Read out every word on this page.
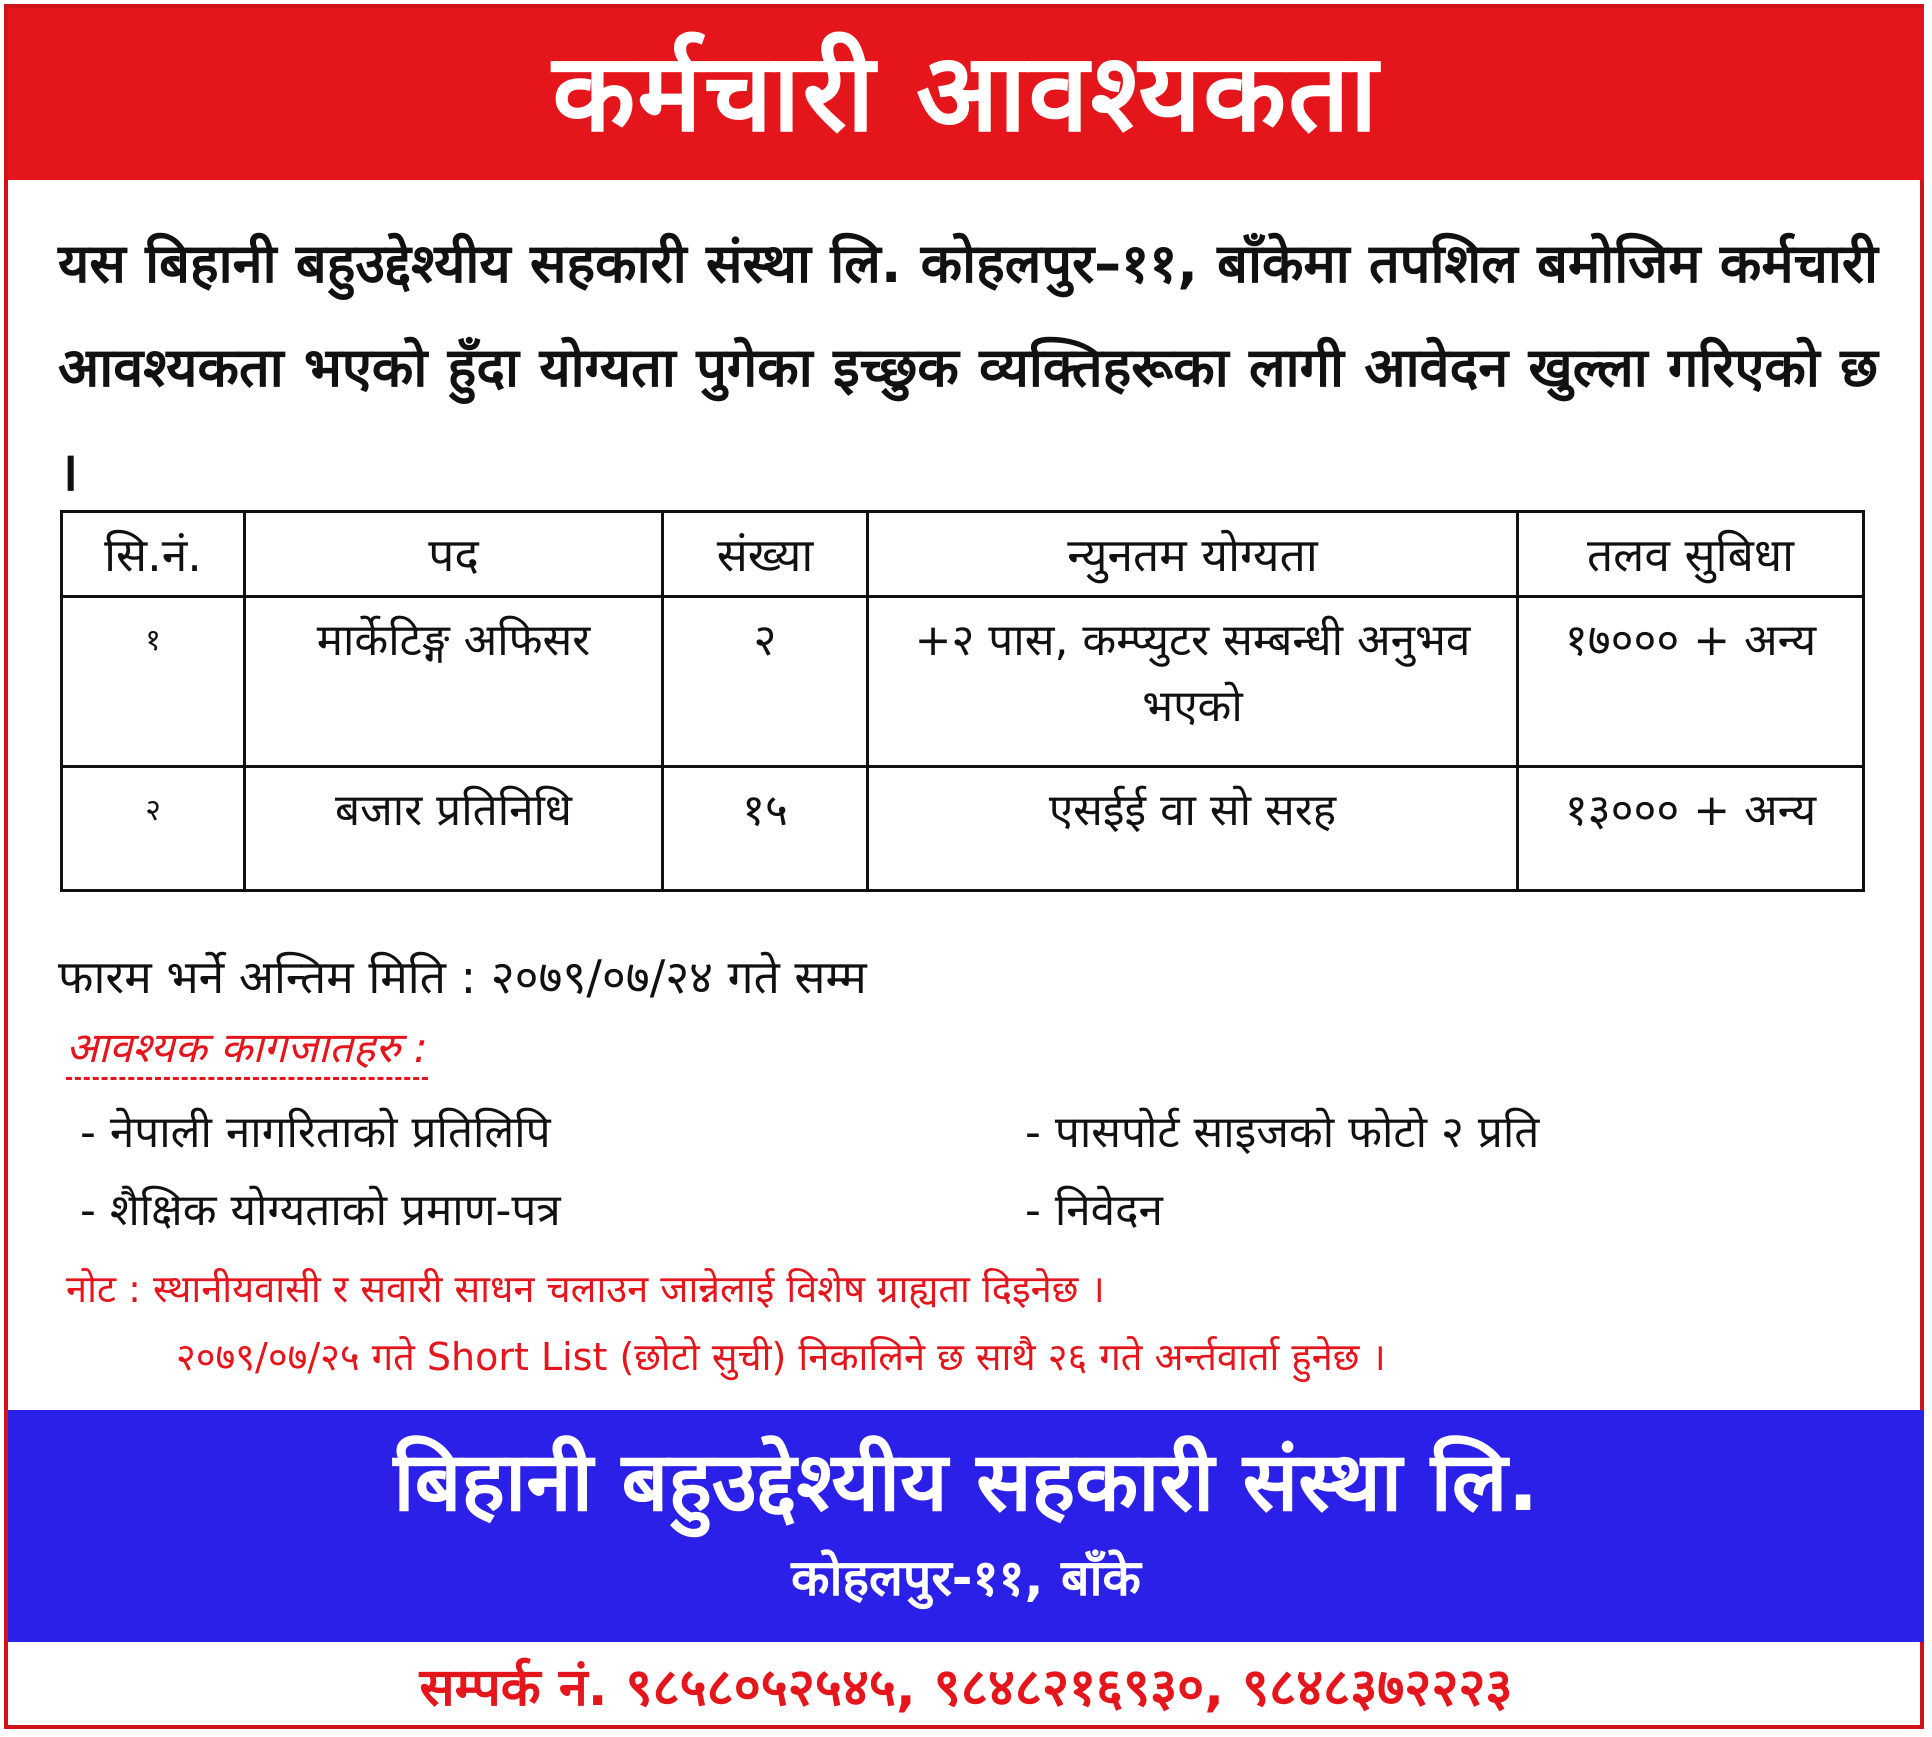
कर्मचारी आवश्यकता
यस बिहानी बहुउद्देश्यीय सहकारी संस्था लि. कोहलपुर–११, बाँकेमा तपशिल बमोजिम कर्मचारी आवश्यकता भएको हुँदा योग्यता पुगेका इच्छुक व्यक्तिहरूका लागी आवेदन खुल्ला गरिएको छ ।
सि.नं.	पद	संख्या	न्युनतम योग्यता	तलव सुबिधा
१	मार्केटिङ्ग अफिसर	२	+२ पास, कम्प्युटर सम्बन्धी अनुभव भएको	१७००० + अन्य
२	बजार प्रतिनिधि	१५	एसईई वा सो सरह	१३००० + अन्य
फारम भर्ने अन्तिम मिति : २०७९/०७/२४ गते सम्म
आवश्यक कागजातहरु :
- नेपाली नागरिताको प्रतिलिपि	- पासपोर्ट साइजको फोटो २ प्रति
- शैक्षिक योग्यताको प्रमाण-पत्र	- निवेदन
नोट : स्थानीयवासी र सवारी साधन चलाउन जान्नेलाई विशेष ग्राह्यता दिइनेछ ।
२०७९/०७/२५ गते Short List (छोटो सुची) निकालिने छ साथै २६ गते अर्न्तवार्ता हुनेछ ।
बिहानी बहुउद्देश्यीय सहकारी संस्था लि.
कोहलपुर-११, बाँके
सम्पर्क नं. ९८५८०५२५४५, ९८४८२१६९३०, ९८४८३७२२२३
